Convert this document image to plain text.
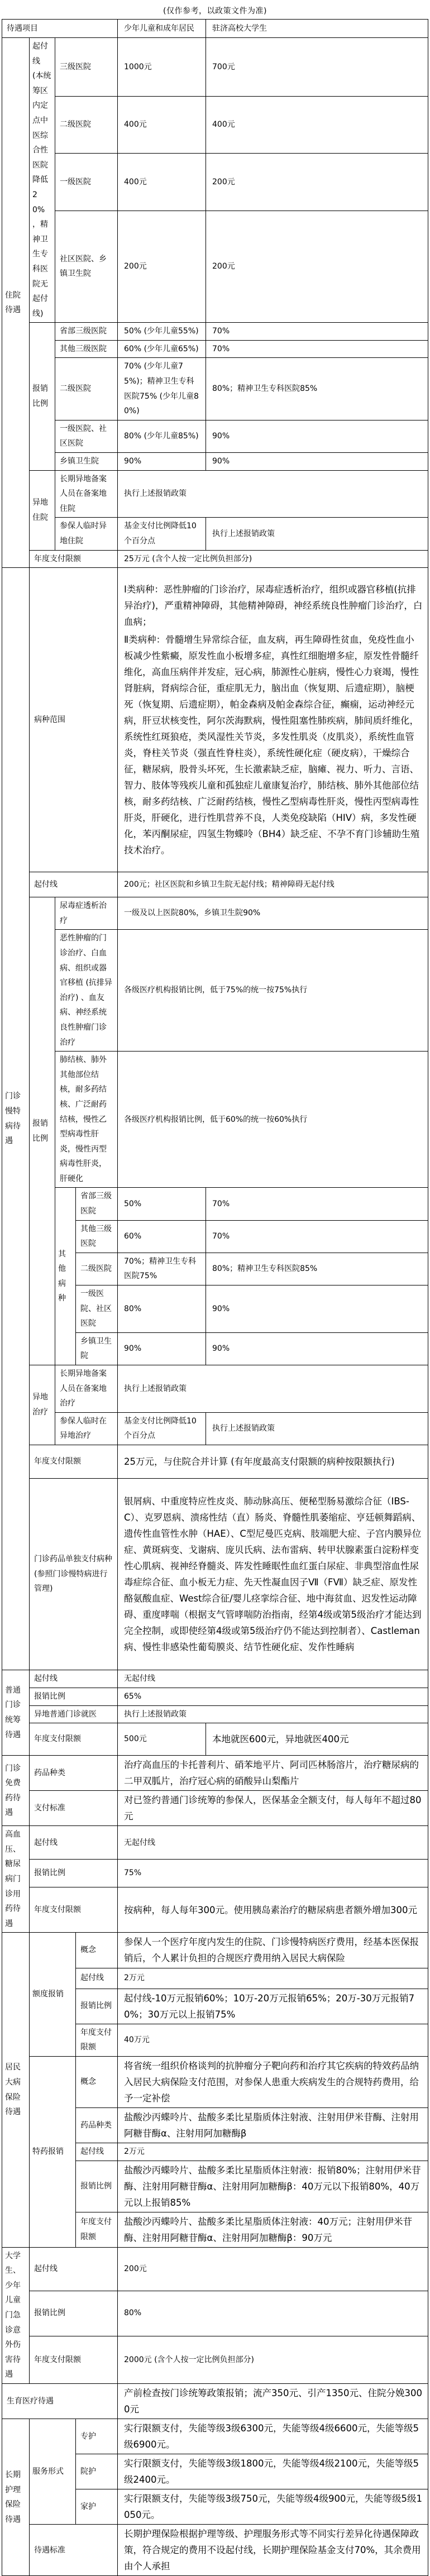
(仅作参考，以政策文件为准)
待遇项目				少年儿童和成年居民	驻济高校大学生
住院待遇	起付线 (本统筹区内定点中医综合性医院降低20%，精神卫生专科医院无起付线)	三级医院		1000元	700元
		二级医院		400元	400元
		一级医院		400元	200元
		社区医院、乡镇卫生院		200元	200元
	报销比例	省部三级医院		50% (少年儿童55%)	70%
		其他三级医院		60% (少年儿童65%)	70%
		二级医院		70% (少年儿童75%)；精神卫生专科医院75% (少年儿童80%)	80%；精神卫生专科医院85%
		一级医院、社区医院		80% (少年儿童85%)	90%
		乡镇卫生院		90%	90%
	异地住院	长期异地备案人员在备案地住院		执行上述报销政策	
		参保人临时异地住院		基金支付比例降低10个百分点	执行上述报销政策
	年度支付限额			25万元 (含个人按一定比例负担部分)	
门诊慢特病待遇	病种范围			Ⅰ类病种：恶性肿瘤的门诊治疗，尿毒症透析治疗，组织或器官移植(抗排异治疗)，严重精神障碍，其他精神障碍，神经系统良性肿瘤门诊治疗，白血病；
Ⅱ类病种：骨髓增生异常综合征，血友病，再生障碍性贫血，免疫性血小板减少性紫癜，原发性血小板增多症，真性红细胞增多症，原发性骨髓纤维化，高血压病伴并发症，冠心病，肺源性心脏病，慢性心力衰竭，慢性肾脏病，肾病综合征，重症肌无力，脑出血（恢复期、后遗症期），脑梗死（恢复期、后遗症期），帕金森病及帕金森综合征，癫痫，运动神经元病，肝豆状核变性，阿尔茨海默病，慢性阻塞性肺疾病，肺间质纤维化，系统性红斑狼疮，类风湿性关节炎，多发性肌炎（皮肌炎），系统性血管炎，脊柱关节炎（强直性脊柱炎），系统性硬化症（硬皮病），干燥综合征，糖尿病，股骨头坏死，生长激素缺乏症，脑瘫、视力、听力、言语、智力、肢体等残疾儿童和孤独症儿童康复治疗，肺结核、肺外其他部位结核，耐多药结核、广泛耐药结核，慢性乙型病毒性肝炎，慢性丙型病毒性肝炎，肝硬化，进行性肌营养不良，人类免疫缺陷（HIV）病，多发性硬化，苯丙酮尿症，四氢生物蝶呤（BH4）缺乏症、不孕不育门诊辅助生殖技术治疗。	

	起付线			200元；社区医院和乡镇卫生院无起付线；精神障碍无起付线	
	报销比例	尿毒症透析治疗		一级及以上医院80%，乡镇卫生院90%	
		恶性肿瘤的门诊治疗、白血病、组织或器官移植 (抗排异治疗) 、血友病、神经系统良性肿瘤门诊治疗		各级医疗机构报销比例，低于75%的统一按75%执行	
		肺结核、肺外其他部位结核，耐多药结核、广泛耐药结核，慢性乙型病毒性肝炎，慢性丙型病毒性肝炎，肝硬化		各级医疗机构报销比例，低于60%的统一按60%执行	
		其他病种	省部三级医院	50%	70%
			其他三级医院	60%	70%
			二级医院	70%；精神卫生专科医院75%	80%；精神卫生专科医院85%
			一级医院、社区医院	80%	90%
			乡镇卫生院	90%	90%
	异地治疗	长期异地备案人员在备案地治疗		执行上述报销政策	
		参保人临时在异地治疗		基金支付比例降低10个百分点	执行上述报销政策
	年度支付限额			25万元，与住院合并计算 (有年度最高支付限额的病种按限额执行)	
	门诊药品单独支付病种 (参照门诊慢特病进行管理)			银屑病、中重度特应性皮炎、肺动脉高压、便秘型肠易激综合征（IBS-C）、克罗恩病、溃疡性结（直）肠炎、脊髓性肌萎缩症、亨廷顿舞蹈病、遗传性血管性水肿（HAE）、C型尼曼匹克病、肢端肥大症、子宫内膜异位症、黄斑病变、戈谢病、庞贝氏病、法布雷病、转甲状腺素蛋白淀粉样变性心肌病、视神经脊髓炎、阵发性睡眠性血红蛋白尿症、非典型溶血性尿毒症综合征、血小板无力症、先天性凝血因子Ⅶ（FⅦ）缺乏症、原发性酪氨酸血症、West综合征/婴儿痉挛综合征、地中海贫血、迟发性运动障碍、重度哮喘（根据支气管哮喘防治指南，经第4级或第5级治疗才能达到完全控制，或即使经第4级或第5级治疗仍不能达到控制者）、Castleman病、慢性非感染性葡萄膜炎、结节性硬化症、发作性睡病	
普通门诊统筹待遇	起付线			无起付线	
	报销比例			65%	
	异地普通门诊就医			执行上述报销政策	
	年度支付限额			500元	本地就医600元，异地就医400元
门诊免费药待遇	药品种类			治疗高血压的卡托普利片、硝苯地平片、阿司匹林肠溶片，治疗糖尿病的二甲双胍片，治疗冠心病的硝酸异山梨酯片	
	支付标准			对已签约普通门诊统筹的参保人，医保基金全额支付，每人每年不超过80元	
高血压、糖尿病门诊用药待遇	起付线			无起付线	
	报销比例			75%	
	年度支付限额			按病种，每人每年300元。使用胰岛素治疗的糖尿病患者额外增加300元	
居民大病保险待遇	额度报销		概念	参保人一个医疗年度内发生的住院、门诊慢特病医疗费用，经基本医保报销后，个人累计负担的合规医疗费用纳入居民大病保险	
			起付线	2万元	
			报销比例	起付线-10万元报销60%；10万-20万元报销65%；20万-30万元报销70%；30万元以上报销75%	
			年度支付限额	40万元	
	特药报销		概念	将省统一组织价格谈判的抗肿瘤分子靶向药和治疗其它疾病的特效药品纳入居民大病保险支付范围，对参保人患重大疾病发生的合规特药费用，给予一定补偿	
			药品种类	盐酸沙丙蝶呤片、盐酸多柔比星脂质体注射液、注射用伊米苷酶、注射用阿糖苷酶α、注射用阿加糖酶β	
			起付线	2万元	
			报销比例	盐酸沙丙蝶呤片、盐酸多柔比星脂质体注射液：报销80%；注射用伊米苷酶、注射用阿糖苷酶α、注射用阿加糖酶β：40万元以下报销80%，40万元以上报销85%	
			年度支付限额	盐酸沙丙蝶呤片、盐酸多柔比星脂质体注射液：40万元；注射用伊米苷酶、注射用阿糖苷酶α、注射用阿加糖酶β：90万元	
大学生、少年儿童门急诊意外伤害待遇	起付线			200元	
	报销比例			80%	
	年度支付限额			2000元 (含个人按一定比例负担部分)	
生育医疗待遇				产前检查按门诊统筹政策报销；流产350元、引产1350元、住院分娩3000元	
长期护理保险待遇	服务形式		专护	实行限额支付，失能等级3级6300元，失能等级4级6600元，失能等级5级6900元。	
			院护	实行限额支付，失能等级3级1800元，失能等级4级2100元，失能等级5级2400元。	
			家护	实行限额支付，失能等级3级750元，失能等级4级900元，失能等级5级1050元。	
	待遇标准			长期护理保险根据护理等级、护理服务形式等不同实行差异化待遇保障政策，符合规定的费用不设起付线，长期护理保险基金支付70%，其余费用由个人承担	
